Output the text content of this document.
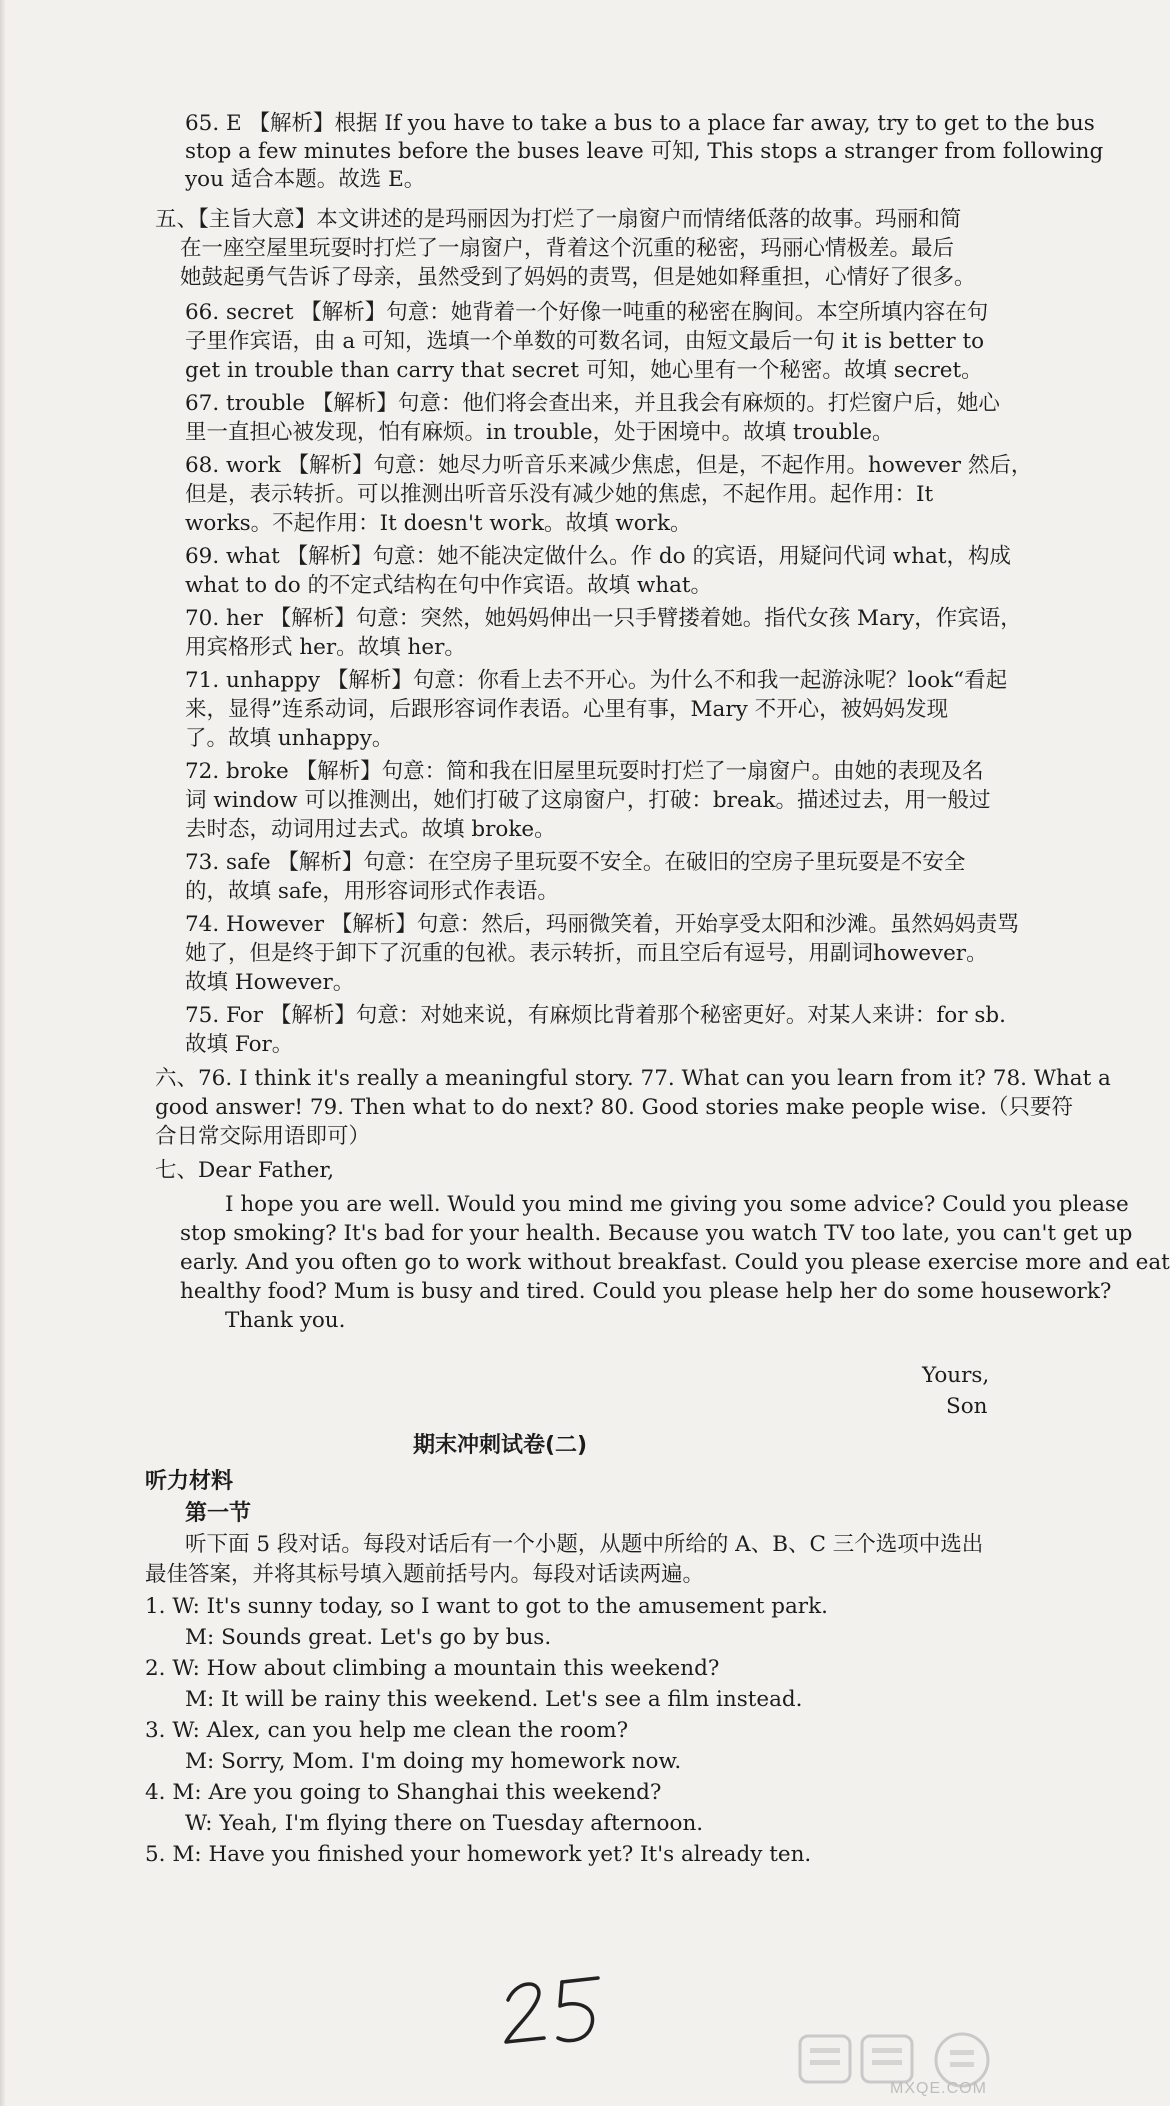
65. E 【解析】根据 If you have to take a bus to a place far away, try to get to the bus
stop a few minutes before the buses leave 可知, This stops a stranger from following
you 适合本题。故选 E。
五、【主旨大意】本文讲述的是玛丽因为打烂了一扇窗户而情绪低落的故事。玛丽和简
在一座空屋里玩耍时打烂了一扇窗户，背着这个沉重的秘密，玛丽心情极差。最后
她鼓起勇气告诉了母亲，虽然受到了妈妈的责骂，但是她如释重担，心情好了很多。
66. secret 【解析】句意：她背着一个好像一吨重的秘密在胸间。本空所填内容在句
子里作宾语，由 a 可知，选填一个单数的可数名词，由短文最后一句 it is better to
get in trouble than carry that secret 可知，她心里有一个秘密。故填 secret。
67. trouble 【解析】句意：他们将会查出来，并且我会有麻烦的。打烂窗户后，她心
里一直担心被发现，怕有麻烦。in trouble，处于困境中。故填 trouble。
68. work 【解析】句意：她尽力听音乐来减少焦虑，但是，不起作用。however 然后，
但是，表示转折。可以推测出听音乐没有减少她的焦虑，不起作用。起作用：It
works。不起作用：It doesn't work。故填 work。
69. what 【解析】句意：她不能决定做什么。作 do 的宾语，用疑问代词 what，构成
what to do 的不定式结构在句中作宾语。故填 what。
70. her 【解析】句意：突然，她妈妈伸出一只手臂搂着她。指代女孩 Mary，作宾语，
用宾格形式 her。故填 her。
71. unhappy 【解析】句意：你看上去不开心。为什么不和我一起游泳呢？look“看起
来，显得”连系动词，后跟形容词作表语。心里有事，Mary 不开心，被妈妈发现
了。故填 unhappy。
72. broke 【解析】句意：简和我在旧屋里玩耍时打烂了一扇窗户。由她的表现及名
词 window 可以推测出，她们打破了这扇窗户，打破：break。描述过去，用一般过
去时态，动词用过去式。故填 broke。
73. safe 【解析】句意：在空房子里玩耍不安全。在破旧的空房子里玩耍是不安全
的，故填 safe，用形容词形式作表语。
74. However 【解析】句意：然后，玛丽微笑着，开始享受太阳和沙滩。虽然妈妈责骂
她了，但是终于卸下了沉重的包袱。表示转折，而且空后有逗号，用副词however。
故填 However。
75. For 【解析】句意：对她来说，有麻烦比背着那个秘密更好。对某人来讲：for sb.
故填 For。
六、76. I think it's really a meaningful story. 77. What can you learn from it? 78. What a
good answer! 79. Then what to do next? 80. Good stories make people wise.（只要符
合日常交际用语即可）
七、Dear Father,
I hope you are well. Would you mind me giving you some advice? Could you please
stop smoking? It's bad for your health. Because you watch TV too late, you can't get up
early. And you often go to work without breakfast. Could you please exercise more and eat
healthy food? Mum is busy and tired. Could you please help her do some housework?
Thank you.
Yours,
Son
期末冲刺试卷(二)
听力材料
第一节
听下面 5 段对话。每段对话后有一个小题，从题中所给的 A、B、C 三个选项中选出
最佳答案，并将其标号填入题前括号内。每段对话读两遍。
1. W: It's sunny today, so I want to got to the amusement park.
M: Sounds great. Let's go by bus.
2. W: How about climbing a mountain this weekend?
M: It will be rainy this weekend. Let's see a film instead.
3. W: Alex, can you help me clean the room?
M: Sorry, Mom. I'm doing my homework now.
4. M: Are you going to Shanghai this weekend?
W: Yeah, I'm flying there on Tuesday afternoon.
5. M: Have you finished your homework yet? It's already ten.
MXQE.COM
